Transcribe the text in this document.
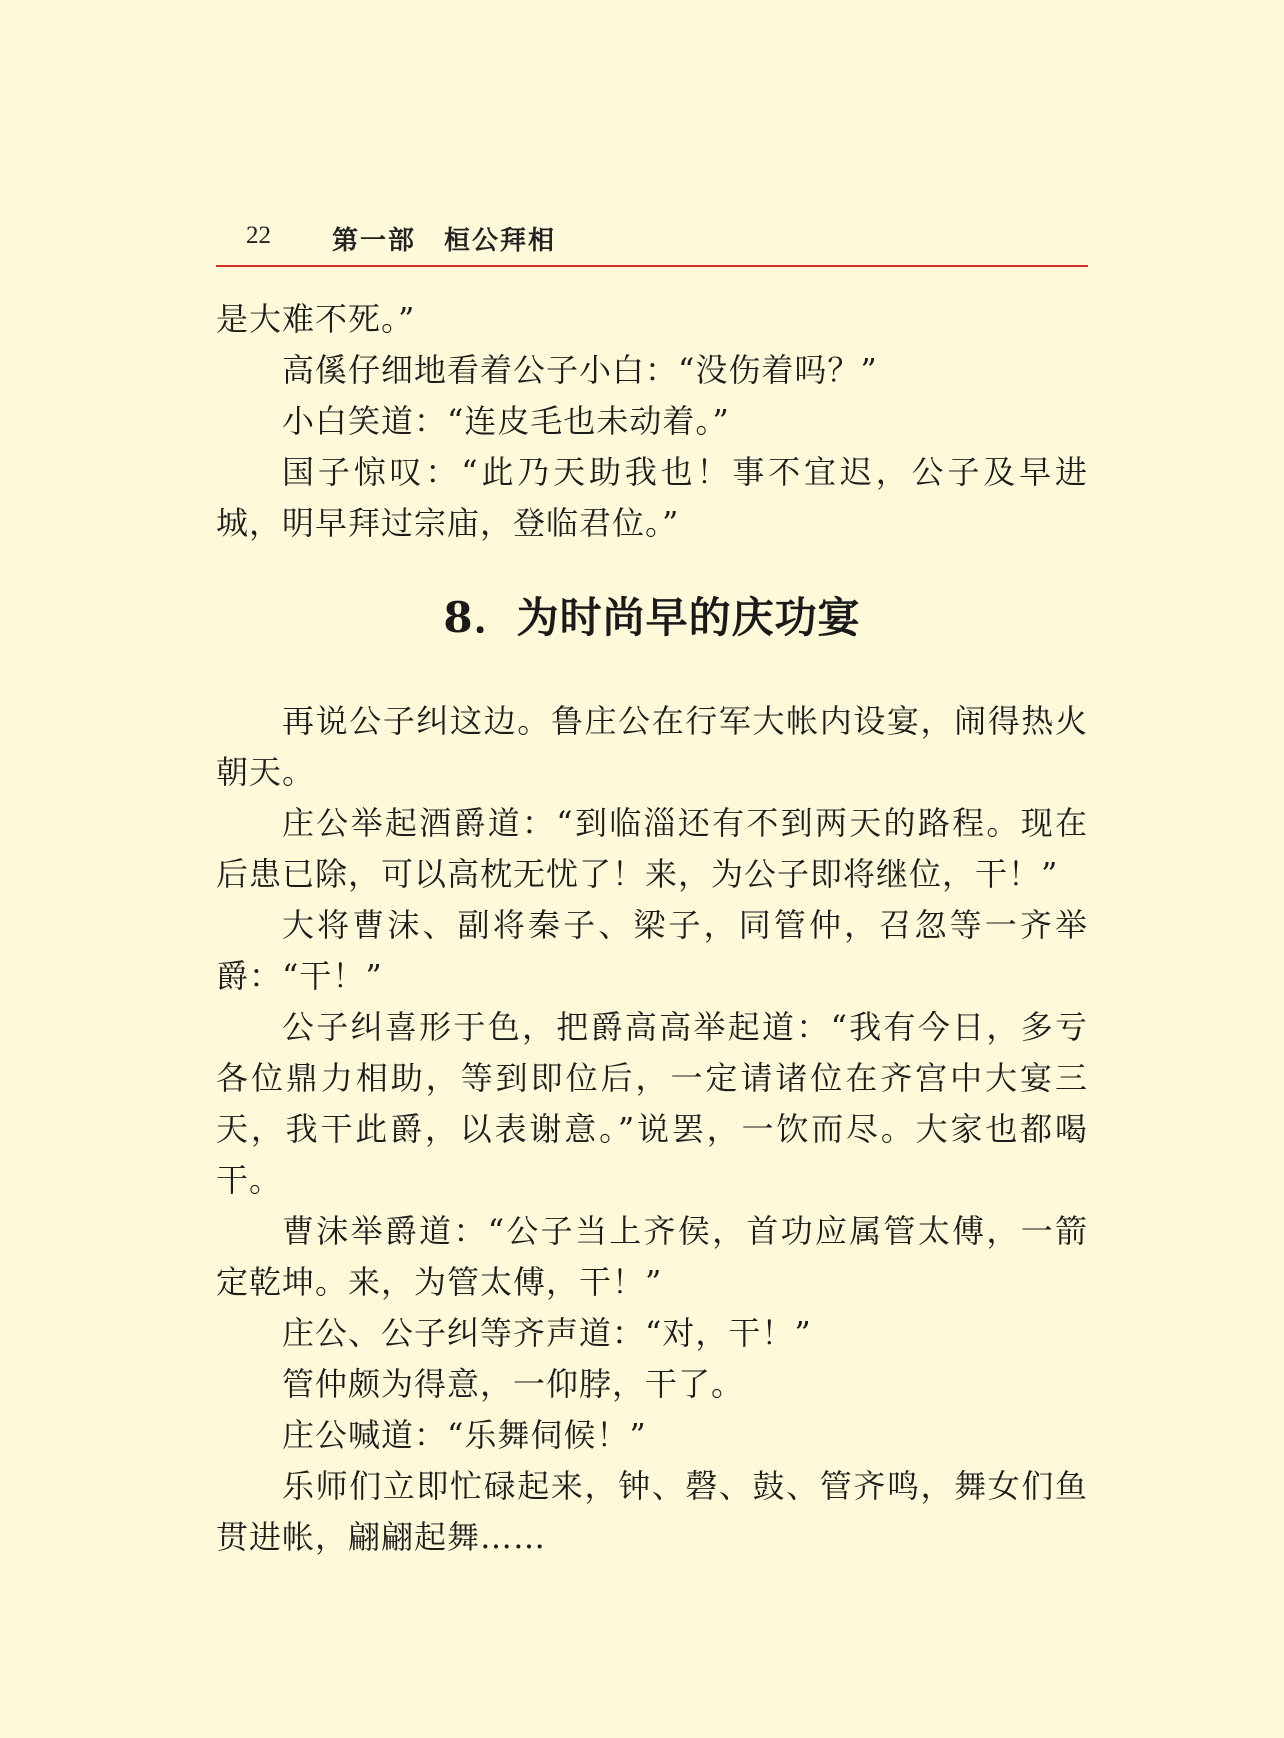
22 第一部　桓公拜相

是大难不死。”

高傒仔细地看着公子小白：“没伤着吗？”

小白笑道：“连皮毛也未动着。”

国子惊叹：“此乃天助我也！事不宜迟，公子及早进城，明早拜过宗庙，登临君位。”

8．为时尚早的庆功宴

再说公子纠这边。鲁庄公在行军大帐内设宴，闹得热火朝天。

庄公举起酒爵道：“到临淄还有不到两天的路程。现在后患已除，可以高枕无忧了！来，为公子即将继位，干！”

大将曹沫、副将秦子、梁子，同管仲，召忽等一齐举爵：“干！”

公子纠喜形于色，把爵高高举起道：“我有今日，多亏各位鼎力相助，等到即位后，一定请诸位在齐宫中大宴三天，我干此爵，以表谢意。”说罢，一饮而尽。大家也都喝干。

曹沫举爵道：“公子当上齐侯，首功应属管太傅，一箭定乾坤。来，为管太傅，干！”

庄公、公子纠等齐声道：“对，干！”

管仲颇为得意，一仰脖，干了。

庄公喊道：“乐舞伺候！”

乐师们立即忙碌起来，钟、磬、鼓、管齐鸣，舞女们鱼贯进帐，翩翩起舞……
